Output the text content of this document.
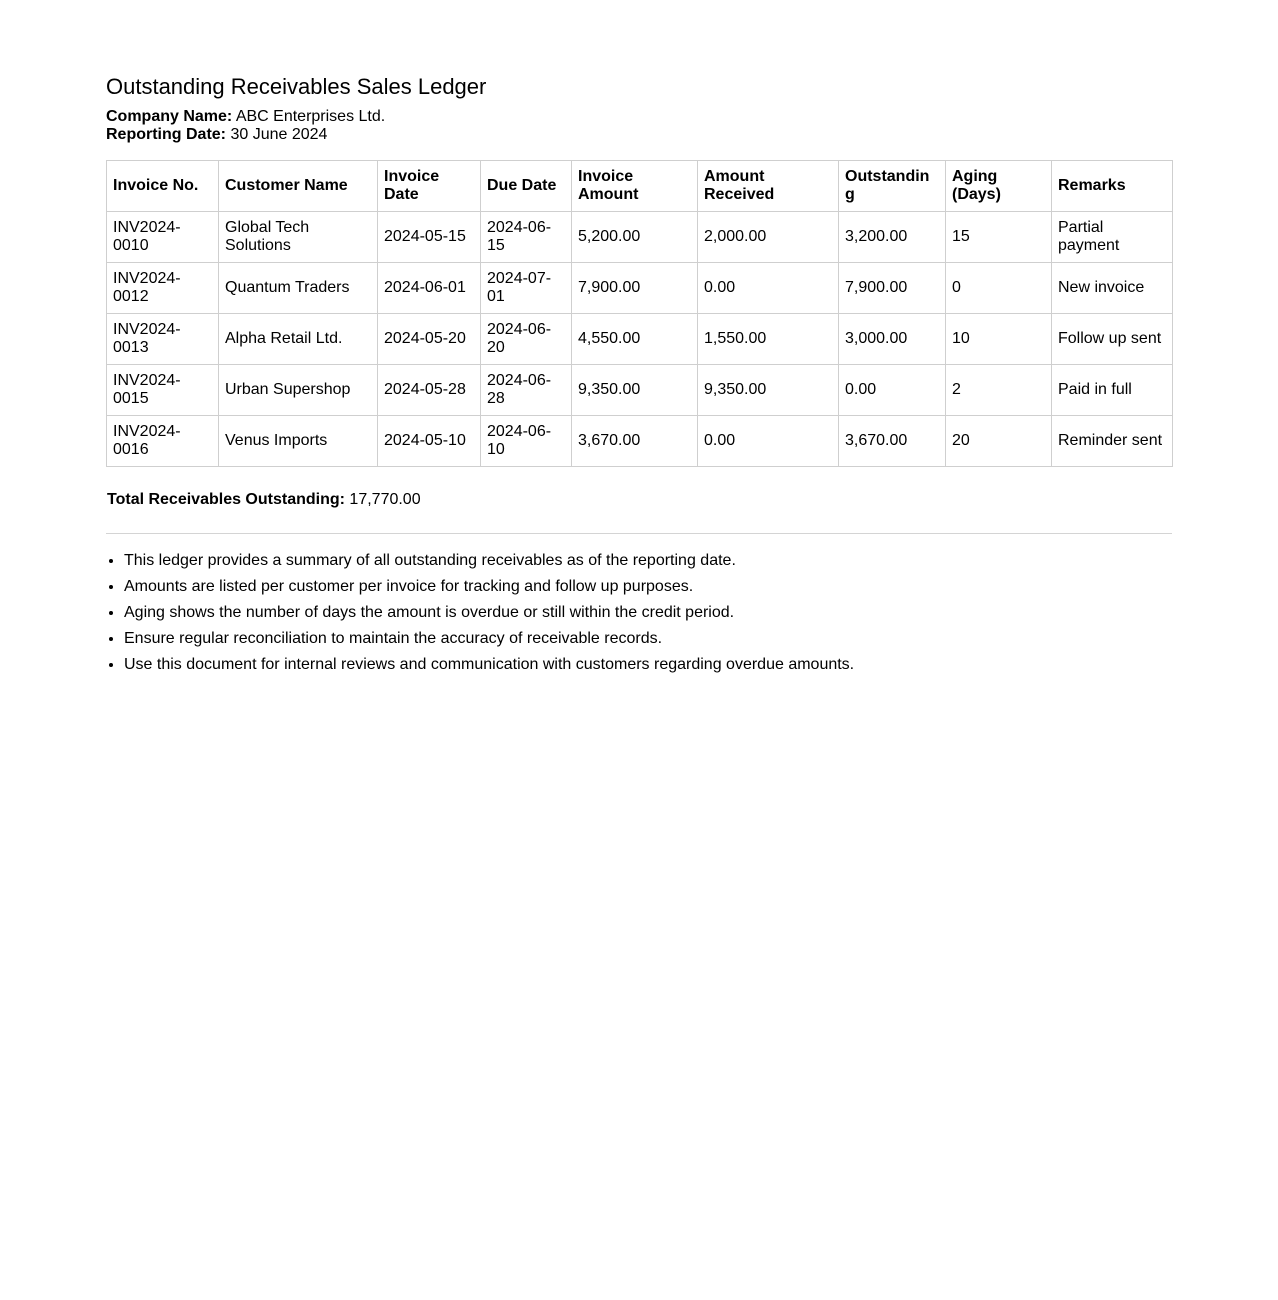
Outstanding Receivables Sales Ledger
Company Name: ABC Enterprises Ltd.
Reporting Date: 30 June 2024
Invoice No.	Customer Name	Invoice Date	Due Date	Invoice Amount	Amount Received	Outstanding	Aging (Days)	Remarks
INV2024-0010	Global Tech Solutions	2024-05-15	2024-06-15	5,200.00	2,000.00	3,200.00	15	Partial payment
INV2024-0012	Quantum Traders	2024-06-01	2024-07-01	7,900.00	0.00	7,900.00	0	New invoice
INV2024-0013	Alpha Retail Ltd.	2024-05-20	2024-06-20	4,550.00	1,550.00	3,000.00	10	Follow up sent
INV2024-0015	Urban Supershop	2024-05-28	2024-06-28	9,350.00	9,350.00	0.00	2	Paid in full
INV2024-0016	Venus Imports	2024-05-10	2024-06-10	3,670.00	0.00	3,670.00	20	Reminder sent
Total Receivables Outstanding: 17,770.00
• This ledger provides a summary of all outstanding receivables as of the reporting date.
• Amounts are listed per customer per invoice for tracking and follow up purposes.
• Aging shows the number of days the amount is overdue or still within the credit period.
• Ensure regular reconciliation to maintain the accuracy of receivable records.
• Use this document for internal reviews and communication with customers regarding overdue amounts.
